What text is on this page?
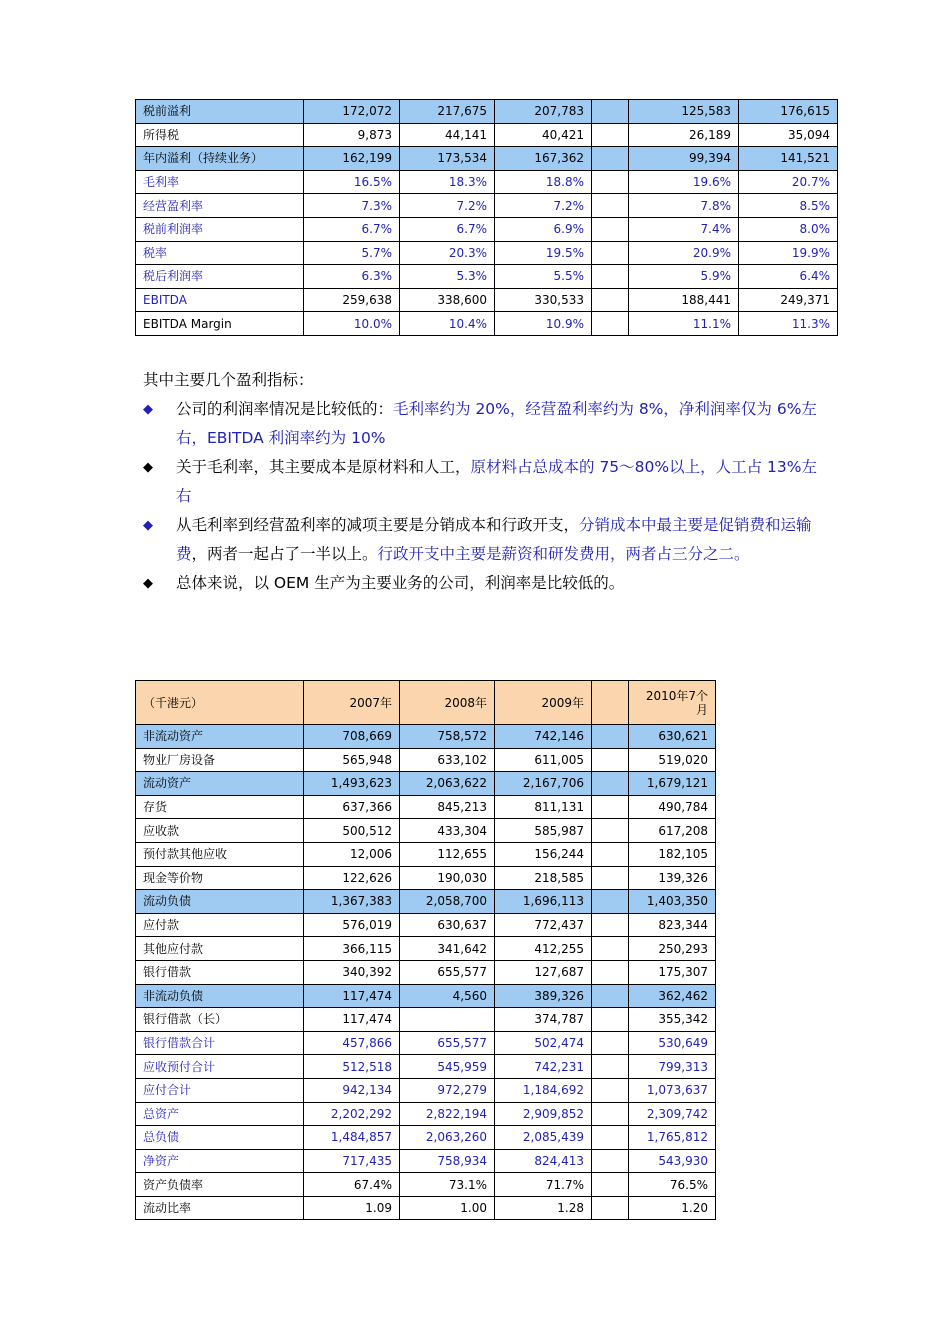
税前溢利	172,072	217,675	207,783		125,583	176,615
所得税	9,873	44,141	40,421		26,189	35,094
年内溢利（持续业务）	162,199	173,534	167,362		99,394	141,521
毛利率	16.5%	18.3%	18.8%		19.6%	20.7%
经营盈利率	7.3%	7.2%	7.2%		7.8%	8.5%
税前利润率	6.7%	6.7%	6.9%		7.4%	8.0%
税率	5.7%	20.3%	19.5%		20.9%	19.9%
税后利润率	6.3%	5.3%	5.5%		5.9%	6.4%
EBITDA	259,638	338,600	330,533		188,441	249,371
EBITDA Margin	10.0%	10.4%	10.9%		11.1%	11.3%
其中主要几个盈利指标：
◆ 公司的利润率情况是比较低的：毛利率约为 20%，经营盈利率约为 8%，净利润率仅为 6%左右，EBITDA 利润率约为 10%
◆ 关于毛利率，其主要成本是原材料和人工，原材料占总成本的 75～80%以上，人工占 13%左右
◆ 从毛利率到经营盈利率的减项主要是分销成本和行政开支，分销成本中最主要是促销费和运输费，两者一起占了一半以上。行政开支中主要是薪资和研发费用，两者占三分之二。
◆ 总体来说，以 OEM 生产为主要业务的公司，利润率是比较低的。
（千港元）	2007年	2008年	2009年		2010年7个月
非流动资产	708,669	758,572	742,146		630,621
物业厂房设备	565,948	633,102	611,005		519,020
流动资产	1,493,623	2,063,622	2,167,706		1,679,121
存货	637,366	845,213	811,131		490,784
应收款	500,512	433,304	585,987		617,208
预付款其他应收	12,006	112,655	156,244		182,105
现金等价物	122,626	190,030	218,585		139,326
流动负债	1,367,383	2,058,700	1,696,113		1,403,350
应付款	576,019	630,637	772,437		823,344
其他应付款	366,115	341,642	412,255		250,293
银行借款	340,392	655,577	127,687		175,307
非流动负债	117,474	4,560	389,326		362,462
银行借款（长）	117,474		374,787		355,342
银行借款合计	457,866	655,577	502,474		530,649
应收预付合计	512,518	545,959	742,231		799,313
应付合计	942,134	972,279	1,184,692		1,073,637
总资产	2,202,292	2,822,194	2,909,852		2,309,742
总负债	1,484,857	2,063,260	2,085,439		1,765,812
净资产	717,435	758,934	824,413		543,930
资产负债率	67.4%	73.1%	71.7%		76.5%
流动比率	1.09	1.00	1.28		1.20
